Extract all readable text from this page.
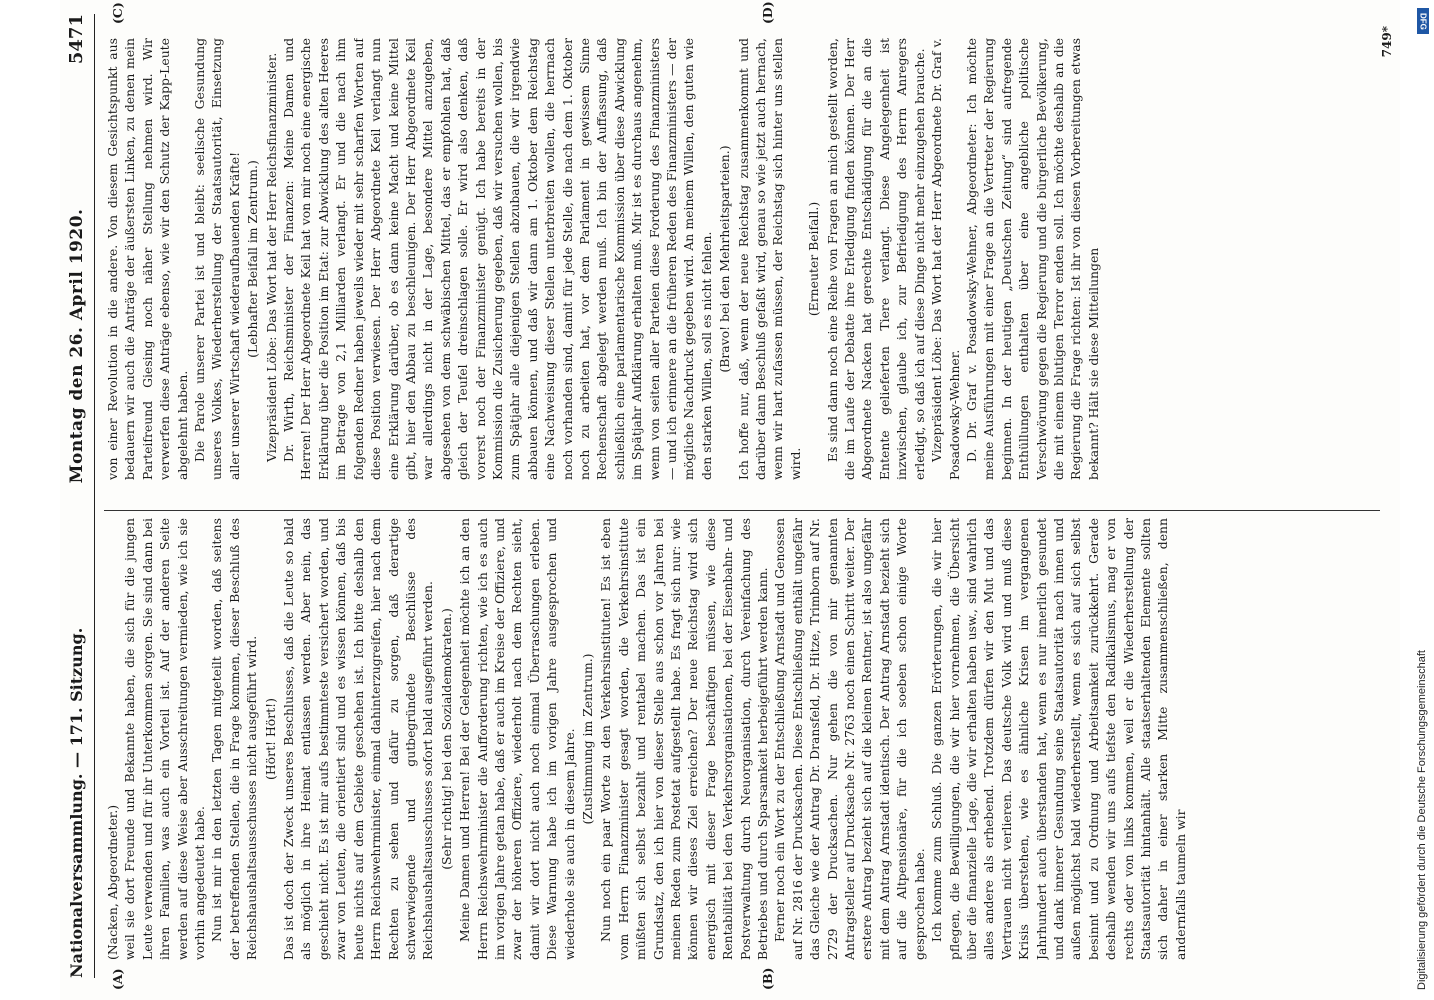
Nationalversammlung. — 171. Sitzung.
Montag den 26. April 1920.
5471
(A)	(B)
(C)	(D)

(Nacken, Abgeordneter.) weil sie dort Freunde und Bekannte haben, die sich für die jungen Leute verwenden und für ihr Unterkommen sorgen. Sie sind dann bei ihren Familien, was auch ein Vorteil ist. Auf der anderen Seite werden auf diese Weise aber Ausschreitungen vermieden, wie ich sie vorhin angedeutet habe. Nun ist mir in den letzten Tagen mitgeteilt worden, daß seitens der betreffenden Stellen, die in Frage kommen, dieser Beschluß des Reichshaushaltsausschusses nicht ausgeführt wird. (Hört! Hört!) Das ist doch der Zweck unseres Beschlusses, daß die Leute so bald als möglich in ihre Heimat entlassen werden. Aber nein, das geschieht nicht. Es ist mir aufs bestimmteste versichert worden, und zwar von Leuten, die orientiert sind und es wissen können, daß bis heute nichts auf dem Gebiete geschehen ist. Ich bitte deshalb den Herrn Reichswehrminister, einmal dahinterzugreifen, hier nach dem Rechten zu sehen und dafür zu sorgen, daß derartige schwerwiegende und gutbegründete Beschlüsse des Reichshaushaltsausschusses sofort bald ausgeführt werden. (Sehr richtig! bei den Sozialdemokraten.) Meine Damen und Herren! Bei der Gelegenheit möchte ich an den Herrn Reichswehrminister die Aufforderung richten, wie ich es auch im vorigen Jahre getan habe, daß er auch im Kreise der Offiziere, und zwar der höheren Offiziere, wiederholt nach dem Rechten sieht, damit wir dort nicht auch noch einmal Überraschungen erleben. Diese Warnung habe ich im vorigen Jahre ausgesprochen und wiederhole sie auch in diesem Jahre. (Zustimmung im Zentrum.) Nun noch ein paar Worte zu den Verkehrsinstituten! Es ist eben vom Herrn Finanzminister gesagt worden, die Verkehrsinstitute müßten sich selbst bezahlt und rentabel machen. Das ist ein Grundsatz, den ich hier von dieser Stelle aus schon vor Jahren bei meinen Reden zum Postetat aufgestellt habe. Es fragt sich nur: wie können wir dieses Ziel erreichen? Der neue Reichstag wird sich energisch mit dieser Frage beschäftigen müssen, wie diese Rentabilität bei den Verkehrsorganisationen, bei der Eisenbahn- und Postverwaltung durch Neuorganisation, durch Vereinfachung des Betriebes und durch Sparsamkeit herbeigeführt werden kann. Ferner noch ein Wort zu der Entschließung Arnstadt und Genossen auf Nr. 2816 der Drucksachen. Diese Entschließung enthält ungefähr das Gleiche wie der Antrag Dr. Dransfeld, Dr. Hitze, Trimborn auf Nr. 2729 der Drucksachen. Nur gehen die von mir genannten Antragsteller auf Drucksache Nr. 2763 noch einen Schritt weiter. Der erstere Antrag bezieht sich auf die kleinen Rentner, ist also ungefähr mit dem Antrag Arnstadt identisch. Der Antrag Arnstadt bezieht sich auf die Altpensionäre, für die ich soeben schon einige Worte gesprochen habe. Ich komme zum Schluß. Die ganzen Erörterungen, die wir hier pflegen, die Bewilligungen, die wir hier vornehmen, die Übersicht über die finanzielle Lage, die wir erhalten haben usw., sind wahrlich alles andere als erhebend. Trotzdem dürfen wir den Mut und das Vertrauen nicht verlieren. Das deutsche Volk wird und muß diese Krisis überstehen, wie es ähnliche Krisen im vergangenen Jahrhundert auch überstanden hat, wenn es nur innerlich gesundet und dank innerer Gesundung seine Staatsautorität nach innen und außen möglichst bald wiederherstellt, wenn es sich auf sich selbst besinnt und zu Ordnung und Arbeitsamkeit zurückkehrt. Gerade deshalb wenden wir uns aufs tiefste den Radikalismus, mag er von rechts oder von links kommen, weil er die Wiederherstellung der Staatsautorität hintanhält. Alle staatserhaltenden Elemente sollten sich daher in einer starken Mitte zusammenschließen, denn andernfalls taumeln wir

von einer Revolution in die andere. Von diesem Gesichtspunkt aus bedauern wir auch die Anträge der äußersten Linken, zu denen mein Parteifreund Giesing noch näher Stellung nehmen wird. Wir verwerfen diese Anträge ebenso, wie wir den Schutz der Kapp-Leute abgelehnt haben. Die Parole unserer Partei ist und bleibt: seelische Gesundung unseres Volkes, Wiederherstellung der Staatsautorität, Einsetzung aller unserer Wirtschaft wiederaufbauenden Kräfte! (Lebhafter Beifall im Zentrum.) Vizepräsident Löbe: Das Wort hat der Herr Reichsfinanzminister. Dr. Wirth, Reichsminister der Finanzen: Meine Damen und Herren! Der Herr Abgeordnete Keil hat von mir noch eine energische Erklärung über die Position im Etat: zur Abwicklung des alten Heeres im Betrage von 2,1 Milliarden verlangt. Er und die nach ihm folgenden Redner haben jeweils wieder mit sehr scharfen Worten auf diese Position verwiesen. Der Herr Abgeordnete Keil verlangt nun eine Erklärung darüber, ob es dann keine Macht und keine Mittel gibt, hier den Abbau zu beschleunigen. Der Herr Abgeordnete Keil war allerdings nicht in der Lage, besondere Mittel anzugeben, abgesehen von dem schwäbischen Mittel, das er empfohlen hat, daß gleich der Teufel dreinschlagen solle. Er wird also denken, daß vorerst noch der Finanzminister genügt. Ich habe bereits in der Kommission die Zusicherung gegeben, daß wir versuchen wollen, bis zum Spätjahr alle diejenigen Stellen abzubauen, die wir irgendwie abbauen können, und daß wir dann am 1. Oktober dem Reichstag eine Nachweisung dieser Stellen unterbreiten wollen, die herrnach noch vorhanden sind, damit für jede Stelle, die nach dem 1. Oktober noch zu arbeiten hat, vor dem Parlament in gewissem Sinne Rechenschaft abgelegt werden muß. Ich bin der Auffassung, daß schließlich eine parlamentarische Kommission über diese Abwicklung im Spätjahr Aufklärung erhalten muß. Mir ist es durchaus angenehm, wenn von seiten aller Parteien diese Forderung des Finanzministers — und ich erinnere an die früheren Reden des Finanzministers — der mögliche Nachdruck gegeben wird. An meinem Willen, den guten wie den starken Willen, soll es nicht fehlen. (Bravo! bei den Mehrheitsparteien.) Ich hoffe nur, daß, wenn der neue Reichstag zusammenkommt und darüber dann Beschluß gefaßt wird, genau so wie jetzt auch hernach, wenn wir hart zufassen müssen, der Reichstag sich hinter uns stellen wird.

(Erneuter Beifall.) Es sind dann noch eine Reihe von Fragen an mich gestellt worden, die im Laufe der Debatte ihre Erledigung finden können. Der Herr Abgeordnete Nacken hat gerechte Entschädigung für die an die Entente gelieferten Tiere verlangt. Diese Angelegenheit ist inzwischen, glaube ich, zur Befriedigung des Herrn Anregers erledigt, so daß ich auf diese Dinge nicht mehr einzugehen brauche. Vizepräsident Löbe: Das Wort hat der Herr Abgeordnete Dr. Graf v. Posadowsky-Wehner. D. Dr. Graf v. Posadowsky-Wehner, Abgeordneter: Ich möchte meine Ausführungen mit einer Frage an die Vertreter der Regierung beginnen. In der heutigen „Deutschen Zeitung“ sind aufregende Enthüllungen enthalten über eine angebliche politische Verschwörung gegen die Regierung und die bürgerliche Bevölkerung, die mit einem blutigen Terror enden soll. Ich möchte deshalb an die Regierung die Frage richten: Ist ihr von diesen Vorbereitungen etwas bekannt? Hält sie diese Mitteilungen

749*
DFG
Digitalisierung gefördert durch die Deutsche Forschungsgemeinschaft
